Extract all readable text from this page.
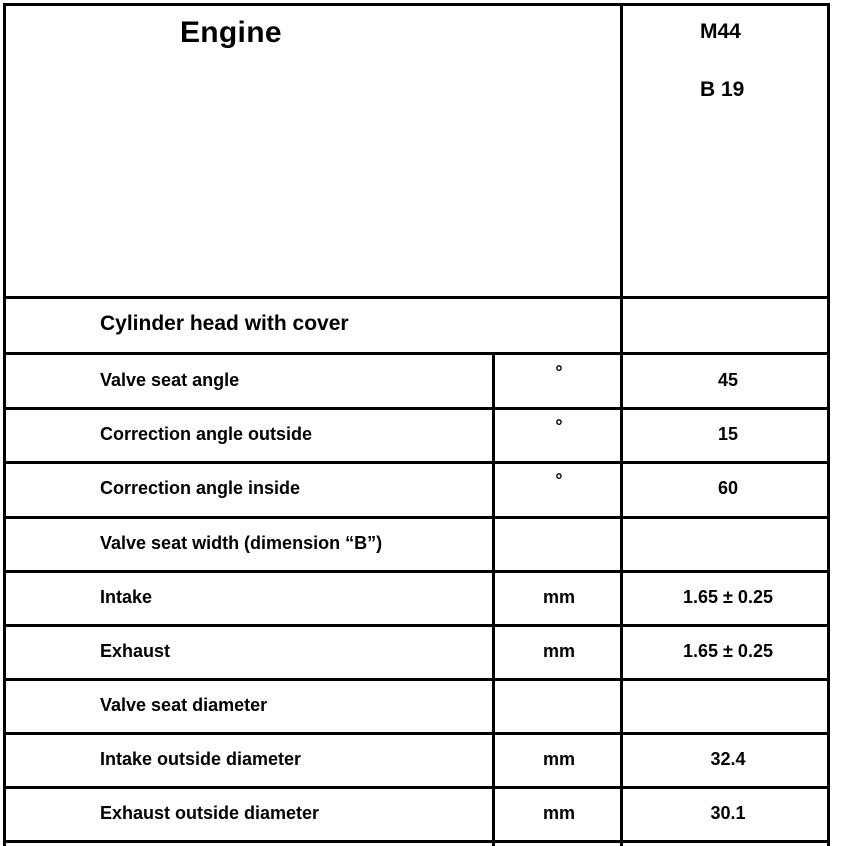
Engine	M44
B 19
Cylinder head with cover
Valve seat angle	°	45
Correction angle outside	°	15
Correction angle inside	°	60
Valve seat width (dimension “B”)
Intake	mm	1.65 ± 0.25
Exhaust	mm	1.65 ± 0.25
Valve seat diameter
Intake outside diameter	mm	32.4
Exhaust outside diameter	mm	30.1
